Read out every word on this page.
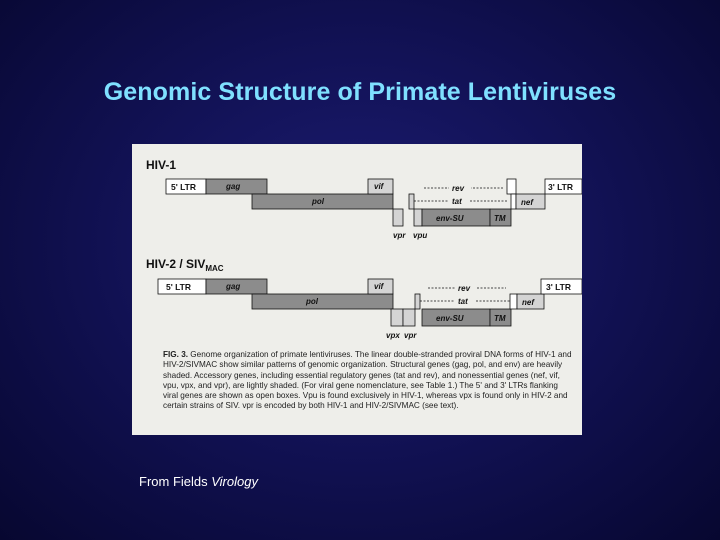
Genomic Structure of Primate Lentiviruses
HIV-1
5' LTR	gag
pol
vif	rev
tat
env-SU	TM
nef
3' LTR
vpr vpu
$HIV-2 / SIV_{MAC}$
5' LTR	gag
pol
vif	rev
tat
env-SU	TM
nef
3' LTR
vpx vpr
FIG. 3. Genome organization of primate lentiviruses. The linear double-stranded proviral DNA forms of HIV-1 and HIV-2/SIVMAC show similar patterns of genomic organization. Structural genes (gag, pol, and env) are heavily shaded. Accessory genes, including essential regulatory genes (tat and rev), and nonessential genes (nef, vif, vpu, vpx, and vpr), are lightly shaded. (For viral gene nomenclature, see Table 1.) The 5' and 3' LTRs flanking viral genes are shown as open boxes. Vpu is found exclusively in HIV-1, whereas vpx is found only in HIV-2 and certain strains of SIV. vpr is encoded by both HIV-1 and HIV-2/SIVMAC (see text).
From Fields Virology
